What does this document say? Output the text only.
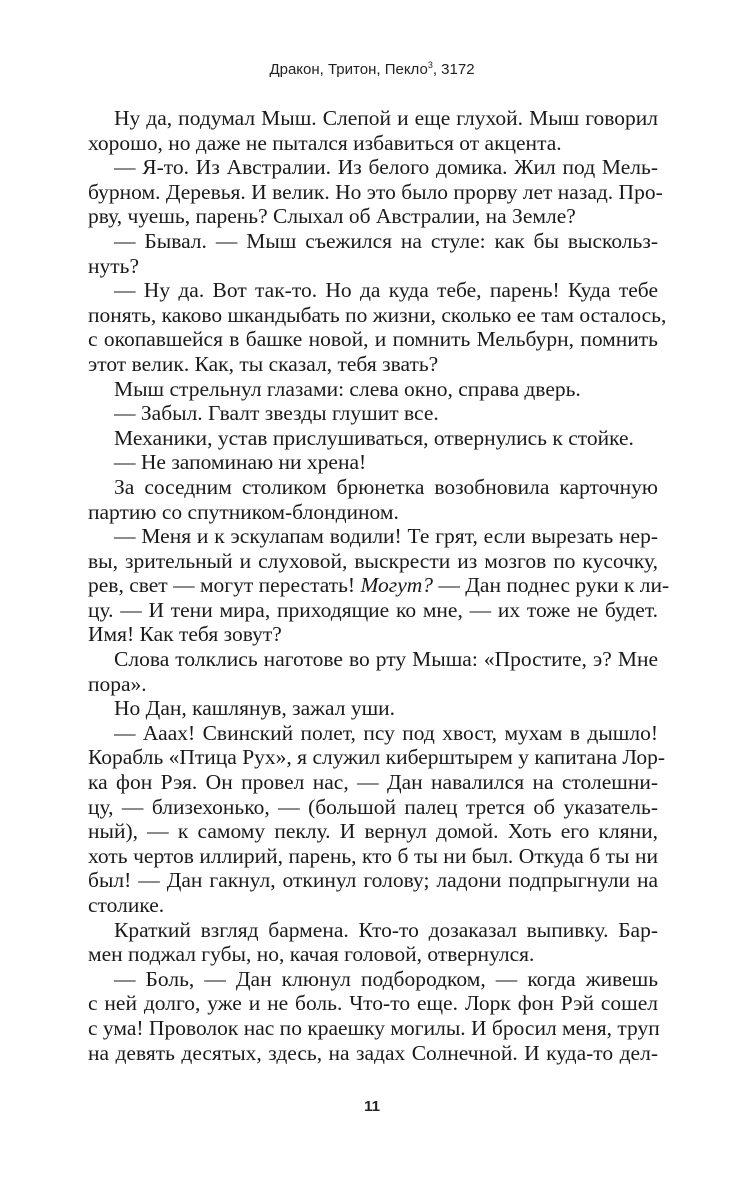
Дракон, Тритон, Пекло$^3$, 3172
Ну да, подумал Мыш. Слепой и еще глухой. Мыш говорил
хорошо, но даже не пытался избавиться от акцента.
— Я-то. Из Австралии. Из белого домика. Жил под Мель-
бурном. Деревья. И велик. Но это было прорву лет назад. Про-
рву, чуешь, парень? Слыхал об Австралии, на Земле?
— Бывал. — Мыш съежился на стуле: как бы выскольз-
нуть?
— Ну да. Вот так-то. Но да куда тебе, парень! Куда тебе
понять, каково шкандыбать по жизни, сколько ее там осталось,
с окопавшейся в башке новой, и помнить Мельбурн, помнить
этот велик. Как, ты сказал, тебя звать?
Мыш стрельнул глазами: слева окно, справа дверь.
— Забыл. Гвалт звезды глушит все.
Механики, устав прислушиваться, отвернулись к стойке.
— Не запоминаю ни хрена!
За соседним столиком брюнетка возобновила карточную
партию со спутником-блондином.
— Меня и к эскулапам водили! Те грят, если вырезать нер-
вы, зрительный и слуховой, выскрести из мозгов по кусочку,
рев, свет — могут перестать! Могут? — Дан поднес руки к ли-
цу. — И тени мира, приходящие ко мне, — их тоже не будет.
Имя! Как тебя зовут?
Слова толклись наготове во рту Мыша: «Простите, э? Мне
пора».
Но Дан, кашлянув, зажал уши.
— Ааах! Свинский полет, псу под хвост, мухам в дышло!
Корабль «Птица Рух», я служил киберштырем у капитана Лор-
ка фон Рэя. Он провел нас, — Дан навалился на столешни-
цу, — близехонько, — (большой палец трется об указатель-
ный), — к самому пеклу. И вернул домой. Хоть его кляни,
хоть чертов иллирий, парень, кто б ты ни был. Откуда б ты ни
был! — Дан гакнул, откинул голову; ладони подпрыгнули на
столике.
Краткий взгляд бармена. Кто-то дозаказал выпивку. Бар-
мен поджал губы, но, качая головой, отвернулся.
— Боль, — Дан клюнул подбородком, — когда живешь
с ней долго, уже и не боль. Что-то еще. Лорк фон Рэй сошел
с ума! Проволок нас по краешку могилы. И бросил меня, труп
на девять десятых, здесь, на задах Солнечной. И куда-то дел-
11
